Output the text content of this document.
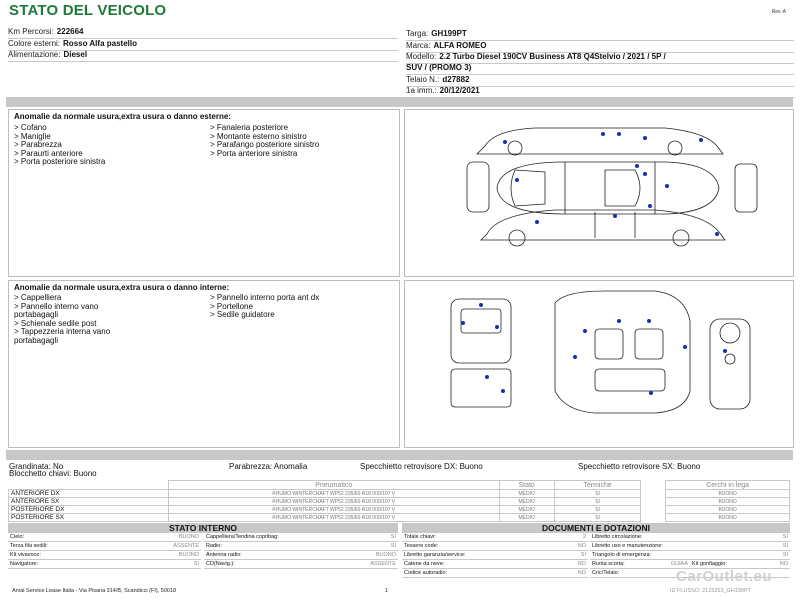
STATO DEL VEICOLO	Rev. A
Km Percorsi: 222664
Colore esterni: Rosso Alfa pastello
Alimentazione: Diesel
Targa: GH199PT
Marca: ALFA ROMEO
Modello: 2.2 Turbo Diesel 190CV Business AT8 Q4Stelvio / 2021 / 5P /
SUV / (PROMO 3)
Telaio N.: d27882
1a imm.: 20/12/2021
Anomalie da normale usura,extra usura o danno esterne:
> Cofano
> Maniglie
> Parabrezza
> Paraurti anteriore
> Porta posteriore sinistra
> Fanaleria posteriore
> Montante esterno sinistro
> Parafango posteriore sinistro
> Porta anteriore sinistra
Anomalie da normale usura,extra usura o danno interne:
> Cappelliera
> Pannello interno vano
portabagagli
> Schienale sedile post
> Tappezzeria interna vano
portabagagli
> Pannello interno porta ant dx
> Portellone
> Sedile guidatore
Grandinata: No
Blocchetto chiavi: Buono
Parabrezza: Anomalia	Specchietto retrovisore DX: Buono	Specchietto retrovisore SX: Buono
	Pneumatico	Stato	Termiche		Cerchi in lega
ANTERIORE DX	KHUMO WINTERCRAFT WP52 235/60 R18 000/107 V	MEDIO	SI		BUONO
ANTERIORE SX	KHUMO WINTERCRAFT WP52 235/60 R18 000/107 V	MEDIO	SI		BUONO
POSTERIORE DX	KHUMO WINTERCRAFT WP52 235/60 R18 000/107 V	MEDIO	SI		BUONO
POSTERIORE SX	KHUMO WINTERCRAFT WP52 235/60 R18 000/107 V	MEDIO	SI		BUONO
STATO INTERNO
Cielo:	BUONO
Terza fila sedili:	ASSENTE
Kit vivavoce:	BUONO
Navigatore:	SI
Cappelliera/Tendina copribag:	SI
Radio:	SI
Antenna radio:	BUONO
CD(Navig.):	ASSENTE
DOCUMENTI E DOTAZIONI
Totale chiavi:	2
Tessere code:	NO
Libretto garanzia/service:	SI
Catene da neve:	NO
Codice autoradio:	NO
Libretto circolazione:	SI
Libretto uso e manutenzione:	SI
Triangolo di emergenza:	SI
Ruota scorta:	GUIAA Kit gonfiaggio:	NO
Cric/Telaio:
Arval Service Lease Italia - Via Pisana 314/B, Scandicci (FI), 50018	1	ID FLUSSO: 2123253_GH199PT
CarOutlet.eu
